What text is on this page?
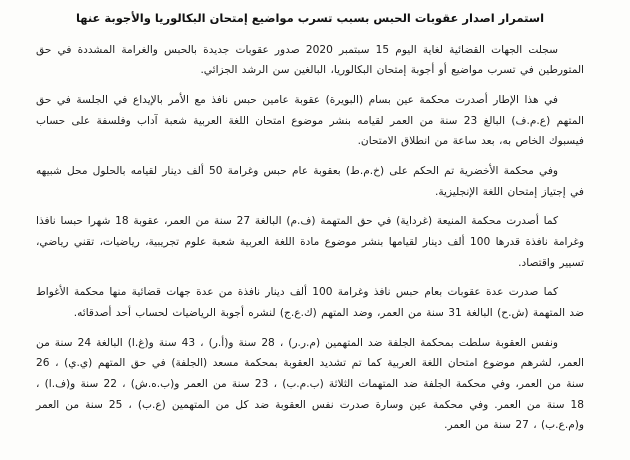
استمرار اصدار عقوبات الحبس بسبب تسرب مواضيع إمتحان البكالوريا والأجوبة عنها

سجلت الجهات القضائية لغاية اليوم 15 سبتمبر 2020 صدور عقوبات جديدة بالحبس والغرامة المشددة في حق المتورطين في تسرب مواضيع أو أجوبة إمتحان البكالوريا، البالغين سن الرشد الجزائي.

في هذا الإطار أصدرت محكمة عين بسام (البويرة) عقوبة عامين حبس نافذ مع الأمر بالإيداع في الجلسة في حق المتهم (ع.م.ف) البالغ 23 سنة من العمر لقيامه بنشر موضوع امتحان اللغة العربية شعبة آداب وفلسفة على حساب فيسبوك الخاص به، بعد ساعة من انطلاق الامتحان.

وفي محكمة الأخضرية تم الحكم على (خ.م.ط) بعقوبة عام حبس وغرامة 50 ألف دينار لقيامه بالحلول محل شبيهه في إجتياز إمتحان اللغة الإنجليزية.

كما أصدرت محكمة المنيعة (غرداية) في حق المتهمة (ف.م) البالغة 27 سنة من العمر، عقوبة 18 شهرا حبسا نافذا وغرامة نافذة قدرها 100 ألف دينار لقيامها بنشر موضوع مادة اللغة العربية شعبة علوم تجريبية، رياضيات، تقني رياضي، تسيير واقتصاد.

كما صدرت عدة عقوبات بعام حبس نافذ وغرامة 100 ألف دينار نافذة من عدة جهات قضائية منها محكمة الأغواط ضد المتهمة (ش.ح) البالغة 31 سنة من العمر، وضد المتهم (ك.ع.ج) لنشره أجوبة الرياضيات لحساب أحد أصدقائه.

ونفس العقوبة سلطت بمحكمة الجلفة ضد المتهمين (م.ر.ر) ، 28 سنة و(أ.ر) ، 43 سنة و(غ.ا) البالغة 24 سنة من العمر، لشرهم موضوع امتحان اللغة العربية كما تم تشديد العقوبة بمحكمة مسعد (الجلفة) في حق المتهم (ي.ي) ، 26 سنة من العمر، وفي محكمة الجلفة ضد المتهمات الثلاثة (ب.م.ب) ، 23 سنة من العمر و(ب.ه.ش) ، 22 سنة و(ف.ا) ، 18 سنة من العمر. وفي محكمة عين وسارة صدرت نفس العقوبة ضد كل من المتهمين (ع.ب) ، 25 سنة من العمر و(م.ع.ب) ، 27 سنة من العمر.
